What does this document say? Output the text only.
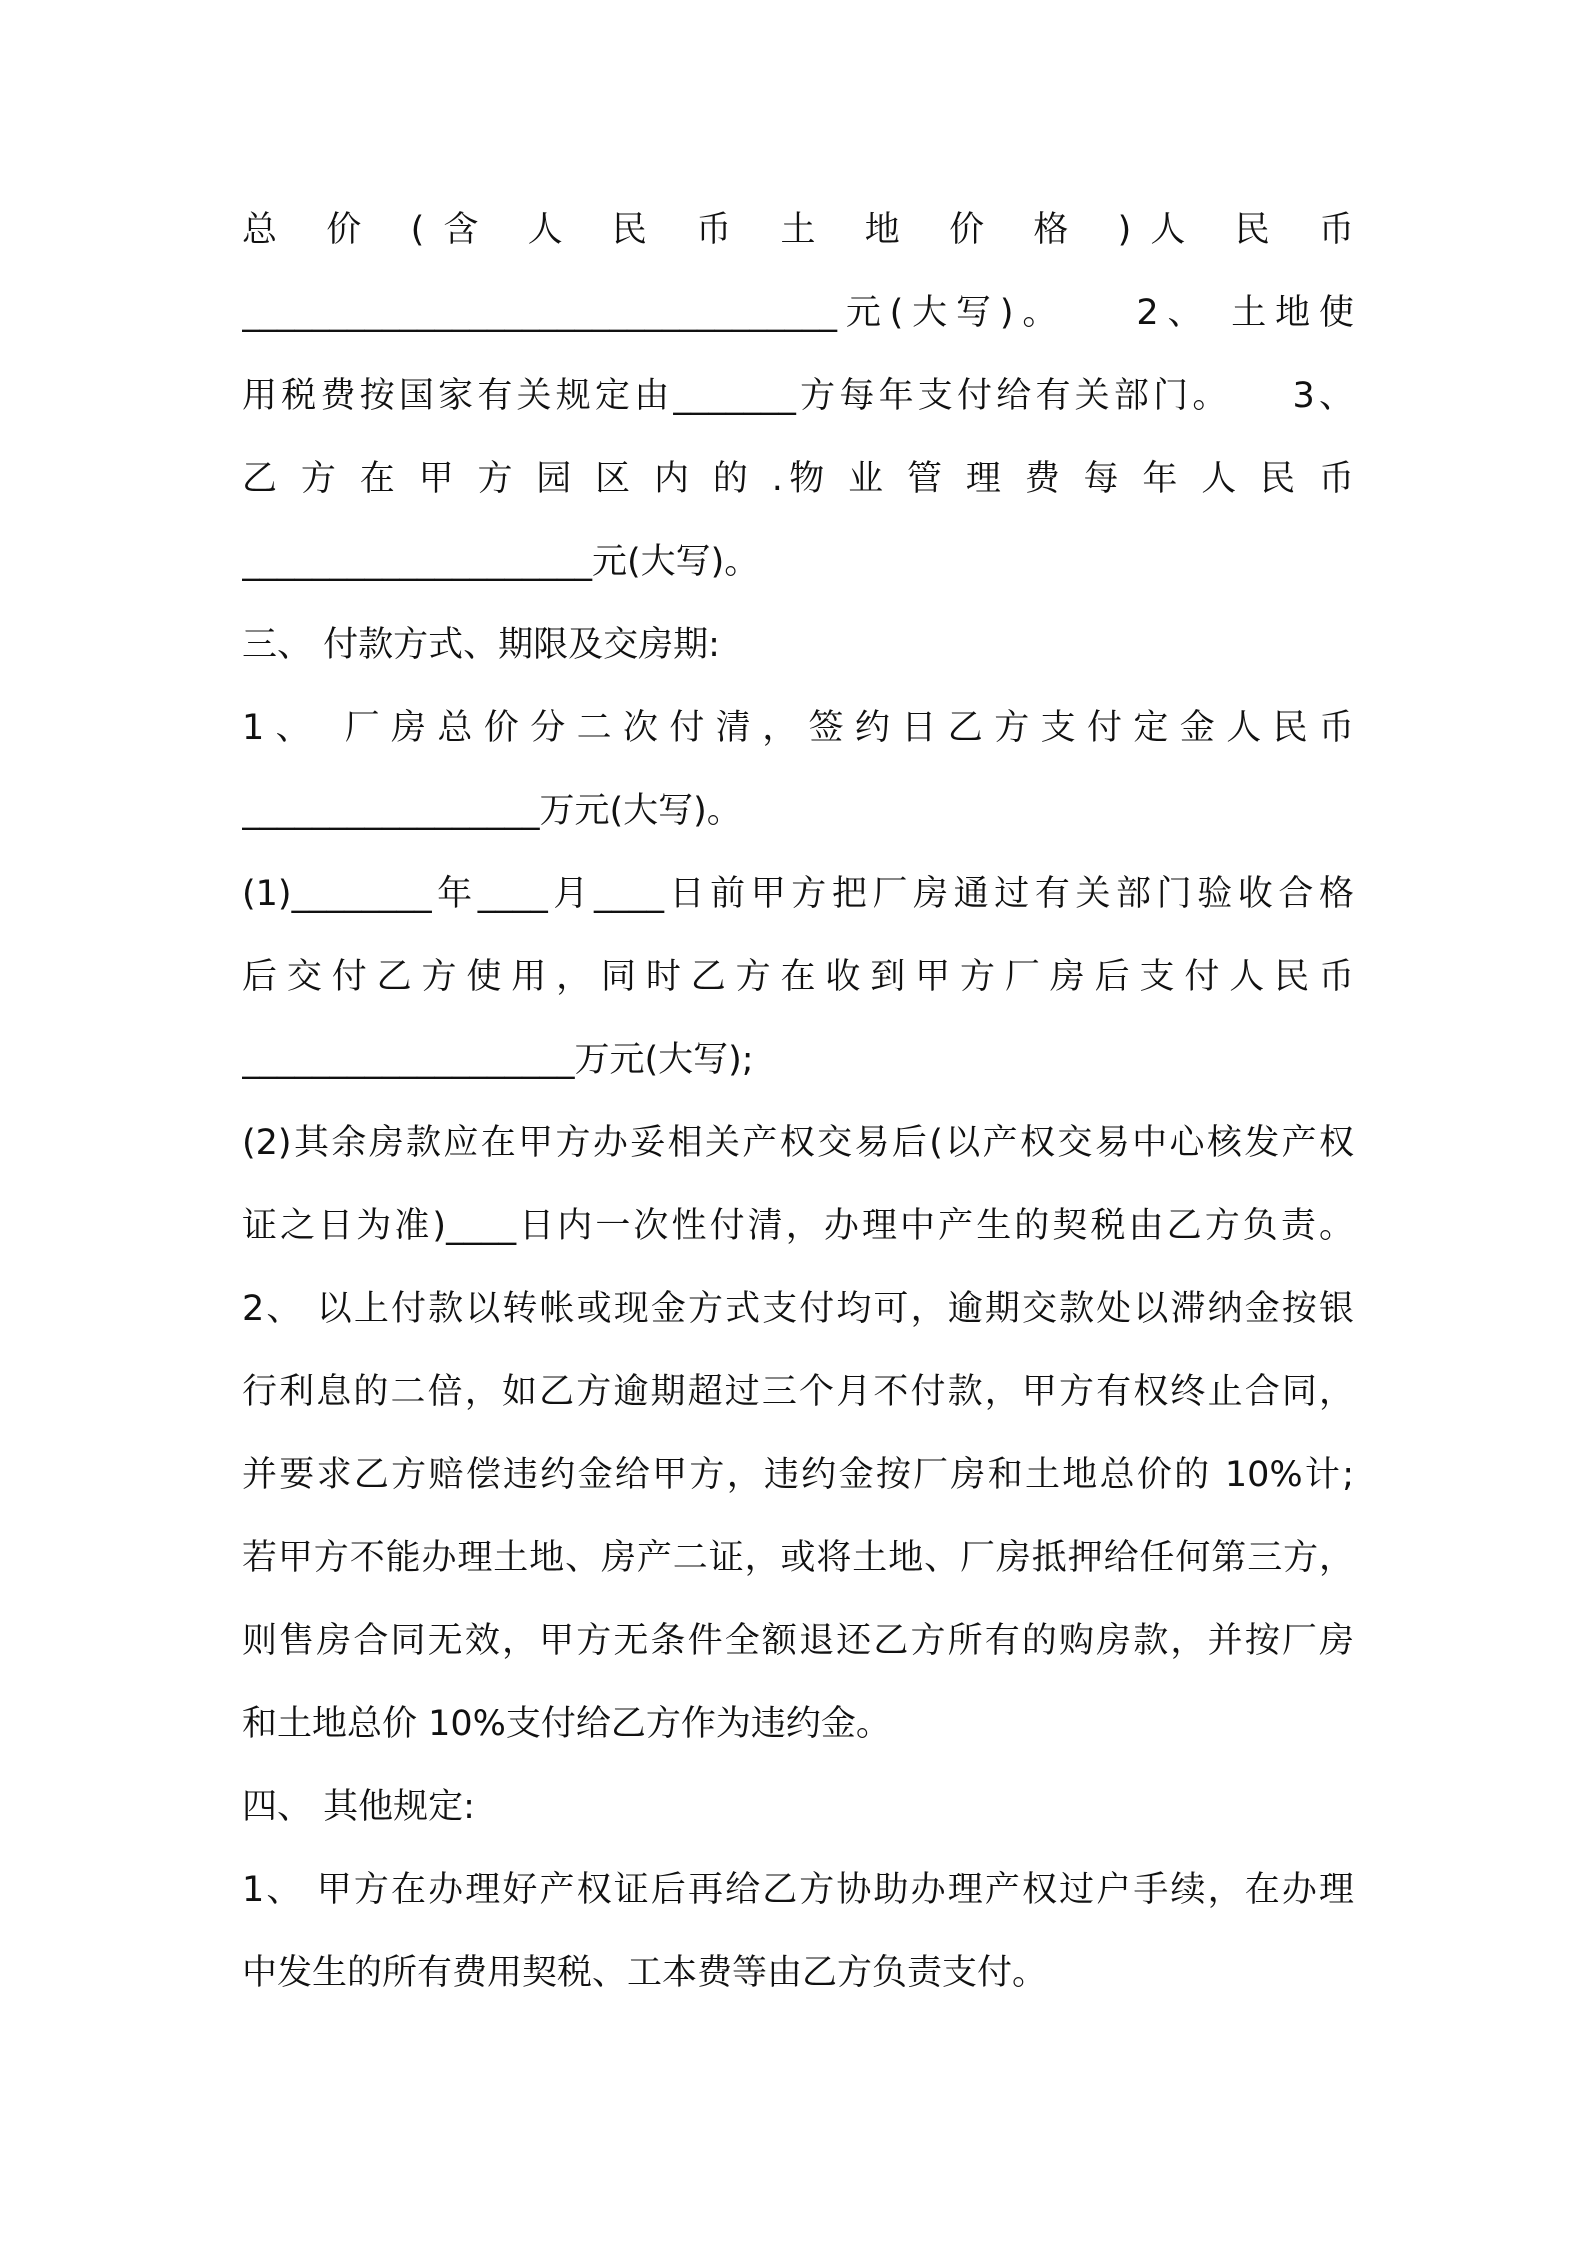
总 价 (含 人 民 币 土 地 价 格 )人 民 币
__________________________________元(大写)。　　2、 土地使
用税费按国家有关规定由_______方每年支付给有关部门。　　3、
乙 方 在 甲 方 园 区 内 的 .物 业 管 理 费 每 年 人 民 币
____________________元(大写)。
三、 付款方式、期限及交房期:
1、 厂房总价分二次付清，签约日乙方支付定金人民币
_________________万元(大写)。
(1)________年____月____日前甲方把厂房通过有关部门验收合格
后交付乙方使用，同时乙方在收到甲方厂房后支付人民币
___________________万元(大写);
(2)其余房款应在甲方办妥相关产权交易后(以产权交易中心核发产权
证之日为准)____日内一次性付清，办理中产生的契税由乙方负责。
2、 以上付款以转帐或现金方式支付均可，逾期交款处以滞纳金按银
行利息的二倍，如乙方逾期超过三个月不付款，甲方有权终止合同，
并要求乙方赔偿违约金给甲方，违约金按厂房和土地总价的 10%计;
若甲方不能办理土地、房产二证，或将土地、厂房抵押给任何第三方，
则售房合同无效，甲方无条件全额退还乙方所有的购房款，并按厂房
和土地总价 10%支付给乙方作为违约金。
四、 其他规定:
1、 甲方在办理好产权证后再给乙方协助办理产权过户手续，在办理
中发生的所有费用契税、工本费等由乙方负责支付。
